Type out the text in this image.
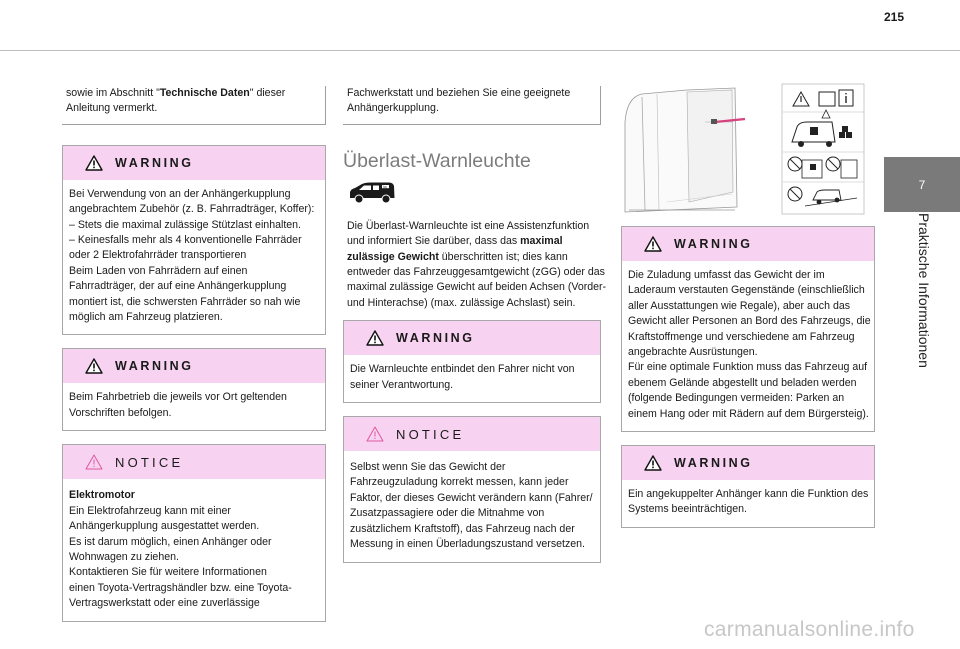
215
7
Praktische Informationen
sowie im Abschnitt "Technische Daten" dieser
Anleitung vermerkt.
WARNING
Bei Verwendung von an der Anhängerkupplung
angebrachtem Zubehör (z. B. Fahrradträger, Koffer):
– Stets die maximal zulässige Stützlast einhalten.
– Keinesfalls mehr als 4 konventionelle Fahrräder
oder 2 Elektrofahrräder transportieren
Beim Laden von Fahrrädern auf einen
Fahrradträger, der auf eine Anhängerkupplung
montiert ist, die schwersten Fahrräder so nah wie
möglich am Fahrzeug platzieren.
WARNING
Beim Fahrbetrieb die jeweils vor Ort geltenden
Vorschriften befolgen.
NOTICE
Elektromotor
Ein Elektrofahrzeug kann mit einer
Anhängerkupplung ausgestattet werden.
Es ist darum möglich, einen Anhänger oder
Wohnwagen zu ziehen.
Kontaktieren Sie für weitere Informationen
einen Toyota-Vertragshändler bzw. eine Toyota-
Vertragswerkstatt oder eine zuverlässige
Fachwerkstatt und beziehen Sie eine geeignete
Anhängerkupplung.
Überlast-Warnleuchte
kg
Die Überlast-Warnleuchte ist eine Assistenzfunktion
und informiert Sie darüber, dass das maximal
zulässige Gewicht überschritten ist; dies kann
entweder das Fahrzeuggesamtgewicht (zGG) oder das
maximal zulässige Gewicht auf beiden Achsen (Vorder-
und Hinterachse) (max. zulässige Achslast) sein.
WARNING
Die Warnleuchte entbindet den Fahrer nicht von
seiner Verantwortung.
NOTICE
Selbst wenn Sie das Gewicht der
Fahrzeugzuladung korrekt messen, kann jeder
Faktor, der dieses Gewicht verändern kann (Fahrer/
Zusatzpassagiere oder die Mitnahme von
zusätzlichem Kraftstoff), das Fahrzeug nach der
Messung in einen Überladungszustand versetzen.
WARNING
Die Zuladung umfasst das Gewicht der im
Laderaum verstauten Gegenstände (einschließlich
aller Ausstattungen wie Regale), aber auch das
Gewicht aller Personen an Bord des Fahrzeugs, die
Kraftstoffmenge und verschiedene am Fahrzeug
angebrachte Ausrüstungen.
Für eine optimale Funktion muss das Fahrzeug auf
ebenem Gelände abgestellt und beladen werden
(folgende Bedingungen vermeiden: Parken an
einem Hang oder mit Rädern auf dem Bürgersteig).
WARNING
Ein angekuppelter Anhänger kann die Funktion des
Systems beeinträchtigen.
carmanualsonline.info
